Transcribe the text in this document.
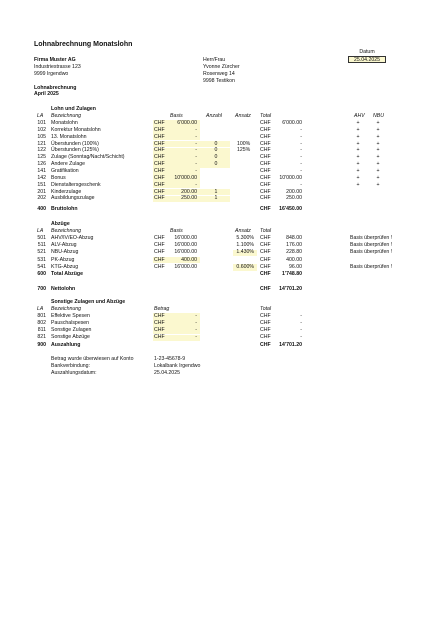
Lohnabrechnung Monatslohn
Datum
25.04.2025
Firma Muster AG
Industriestrasse 123
9999 Irgendwo
Herr/Frau
Yvonne Zürcher
Rosenweg 14
9998 Testikon
Lohnabrechnung
April 2025
Lohn und Zulagen
LA Bezeichnung	Basis	Anzahl	Ansatz Total	AHV NBU
101 Monatslohn	CHF	6'000.00	CHF	6'000.00	+	+
102 Korrektur Monatslohn	CHF	-	CHF	-	+	+
105 13. Monatslohn	CHF	-	CHF	-	+	+
121 Überstunden (100%)	CHF	-	0	100% CHF	-	+	+
122 Überstunden (125%)	CHF	-	0	125% CHF	-	+	+
125 Zulage (Sonntag/Nacht/Schicht)	CHF	-	0	CHF	-	+	+
126 Andere Zulage	CHF	-	0	CHF	-	+	+
141 Gratifikation	CHF	-	CHF	-	+	+
142 Bonus	CHF	10'000.00	CHF	10'000.00	+	+
151 Dienstaltersgeschenk	CHF	-	CHF	-	+	+
201 Kinderzulage	CHF	200.00	1	CHF	200.00
202 Ausbildungszulage	CHF	250.00	1	CHF	250.00
400 Bruttolohn	CHF	16'450.00
Abzüge
LA Bezeichnung	Basis	Ansatz Total
501 AHV/IV/EO-Abzug	CHF	16'000.00	5.300% CHF	848.00	Basis überprüfen !
511 ALV-Abzug	CHF	16'000.00	1.100% CHF	176.00	Basis überprüfen !
521 NBU-Abzug	CHF	16'000.00	1.430% CHF	228.80	Basis überprüfen !
531 PK-Abzug	CHF	400.00	CHF	400.00
541 KTG-Abzug	CHF	16'000.00	0.600% CHF	96.00	Basis überprüfen !
600 Total Abzüge	CHF	1'748.80
700 Nettolohn	CHF	14'701.20
Sonstige Zulagen und Abzüge
LA Bezeichnung	Betrag	Total
801 Effektive Spesen	CHF	-	CHF	-
802 Pauschalspesen	CHF	-	CHF	-
811 Sonstige Zulagen	CHF	-	CHF	-
821 Sonstige Abzüge	CHF	-	CHF	-
900 Auszahlung	CHF	14'701.20
Betrag wurde überwiesen auf Konto	1-23-45678-9
Bankverbindung:	Lokalbank Irgendwo
Auszahlungsdatum:	25.04.2025
